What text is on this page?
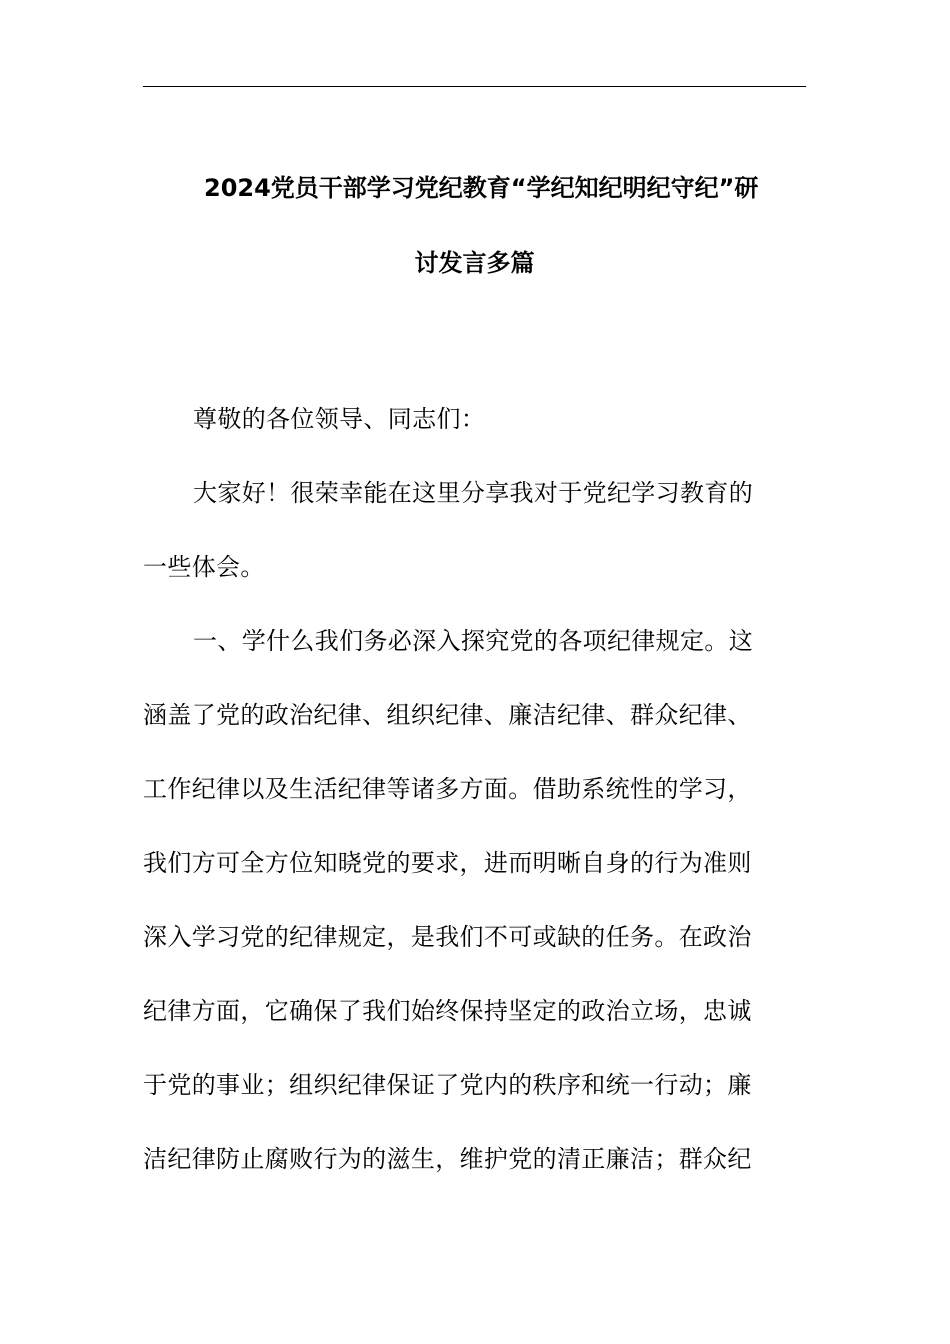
2024党员干部学习党纪教育“学纪知纪明纪守纪”研
讨发言多篇
尊敬的各位领导、同志们：
大家好！很荣幸能在这里分享我对于党纪学习教育的
一些体会。
一、学什么我们务必深入探究党的各项纪律规定。这
涵盖了党的政治纪律、组织纪律、廉洁纪律、群众纪律、
工作纪律以及生活纪律等诸多方面。借助系统性的学习，
我们方可全方位知晓党的要求，进而明晰自身的行为准则
深入学习党的纪律规定，是我们不可或缺的任务。在政治
纪律方面，它确保了我们始终保持坚定的政治立场，忠诚
于党的事业；组织纪律保证了党内的秩序和统一行动；廉
洁纪律防止腐败行为的滋生，维护党的清正廉洁；群众纪
